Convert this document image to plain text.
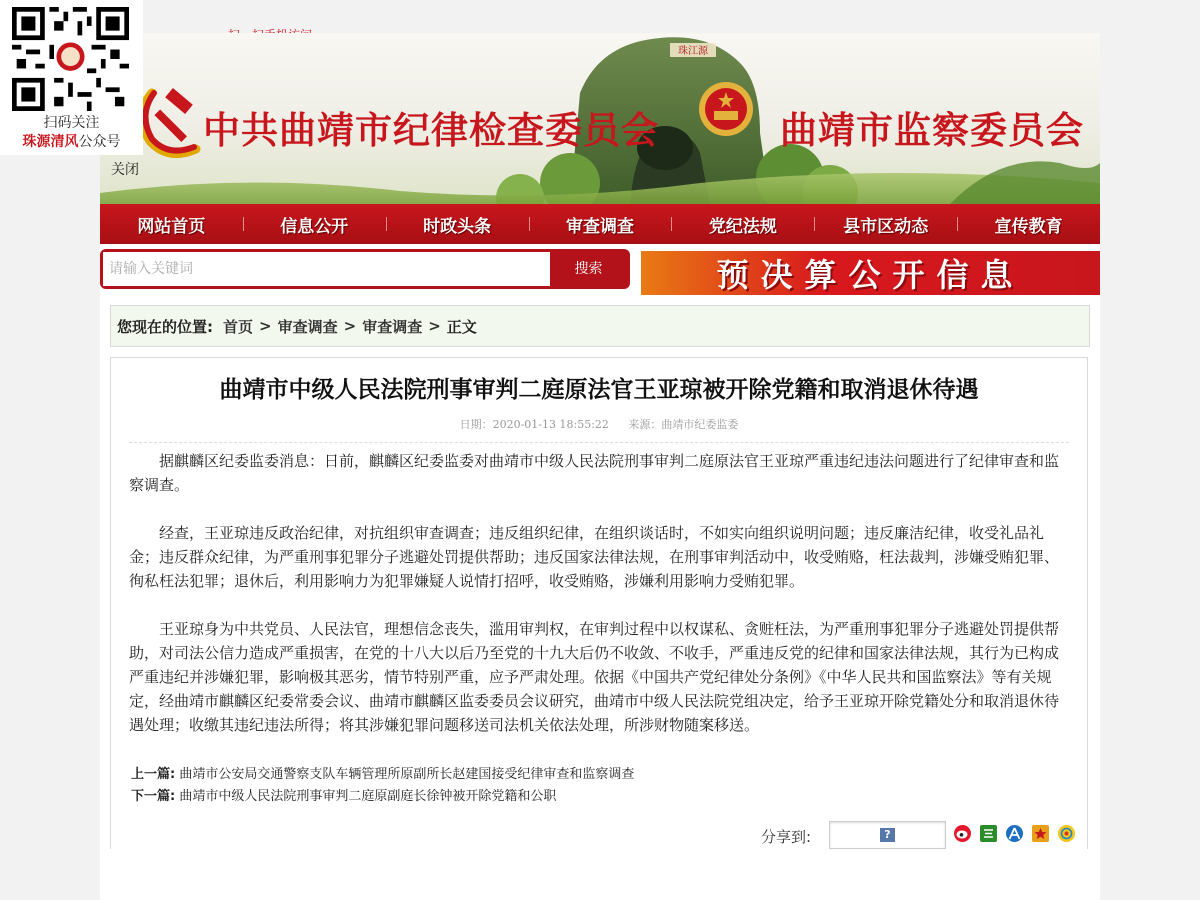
扫码关注
珠源清风公众号
关闭
珠江源
中共曲靖市纪律检查委员会	曲靖市监察委员会
网站首页	信息公开	时政头条	审查调查	党纪法规	县市区动态	宣传教育
请输入关键词
搜索	预决算公开信息
您现在的位置: 首页 > 审查调查 > 审查调查 > 正文
曲靖市中级人民法院刑事审判二庭原法官王亚琼被开除党籍和取消退休待遇
日期：2020-01-13 18:55:22 来源：曲靖市纪委监委

据麒麟区纪委监委消息：日前，麒麟区纪委监委对曲靖市中级人民法院刑事审判二庭原法官王亚琼严重违纪违法问题进行了纪律审查和监察调查。

经查，王亚琼违反政治纪律，对抗组织审查调查；违反组织纪律，在组织谈话时，不如实向组织说明问题；违反廉洁纪律，收受礼品礼金；违反群众纪律，为严重刑事犯罪分子逃避处罚提供帮助；违反国家法律法规，在刑事审判活动中，收受贿赂，枉法裁判，涉嫌受贿犯罪、徇私枉法犯罪；退休后，利用影响力为犯罪嫌疑人说情打招呼，收受贿赂，涉嫌利用影响力受贿犯罪。

王亚琼身为中共党员、人民法官，理想信念丧失，滥用审判权，在审判过程中以权谋私、贪赃枉法，为严重刑事犯罪分子逃避处罚提供帮助，对司法公信力造成严重损害，在党的十八大以后乃至党的十九大后仍不收敛、不收手，严重违反党的纪律和国家法律法规，其行为已构成严重违纪并涉嫌犯罪，影响极其恶劣，情节特别严重，应予严肃处理。依据《中国共产党纪律处分条例》《中华人民共和国监察法》等有关规定，经曲靖市麒麟区纪委常委会议、曲靖市麒麟区监委委员会议研究，曲靖市中级人民法院党组决定，给予王亚琼开除党籍处分和取消退休待遇处理；收缴其违纪违法所得；将其涉嫌犯罪问题移送司法机关依法处理，所涉财物随案移送。

上一篇: 曲靖市公安局交通警察支队车辆管理所原副所长赵建国接受纪律审查和监察调查
下一篇: 曲靖市中级人民法院刑事审判二庭原副庭长徐钟被开除党籍和公职
分享到:	?
